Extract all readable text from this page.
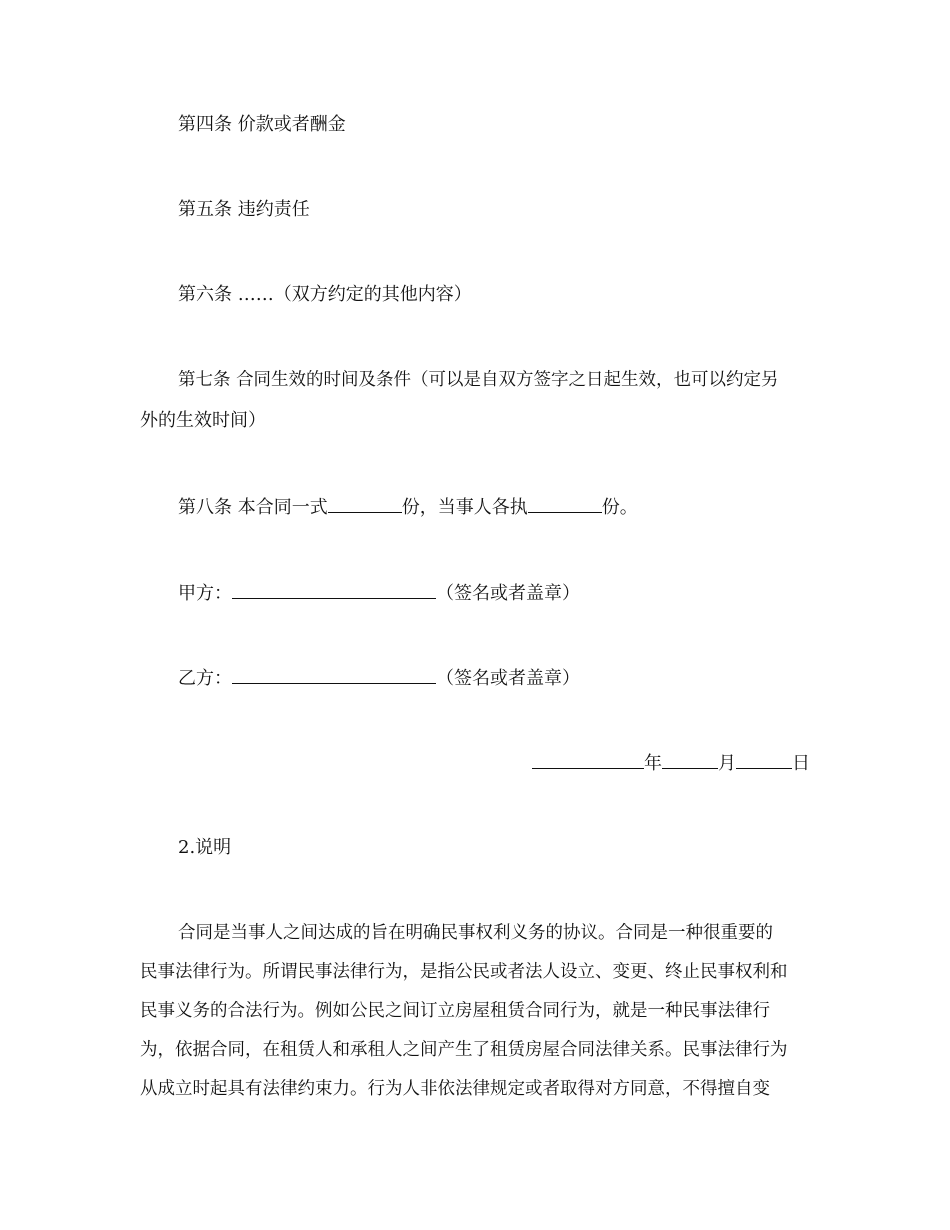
第四条 价款或者酬金
第五条 违约责任
第六条 ……（双方约定的其他内容）
第七条 合同生效的时间及条件（可以是自双方签字之日起生效，也可以约定另
外的生效时间）
第八条 本合同一式	份，当事人各执	份。
甲方：	（签名或者盖章）
乙方：	（签名或者盖章）
年	月	日
2.说明
合同是当事人之间达成的旨在明确民事权利义务的协议。合同是一种很重要的
民事法律行为。所谓民事法律行为，是指公民或者法人设立、变更、终止民事权利和
民事义务的合法行为。例如公民之间订立房屋租赁合同行为，就是一种民事法律行
为，依据合同，在租赁人和承租人之间产生了租赁房屋合同法律关系。民事法律行为
从成立时起具有法律约束力。行为人非依法律规定或者取得对方同意，不得擅自变
